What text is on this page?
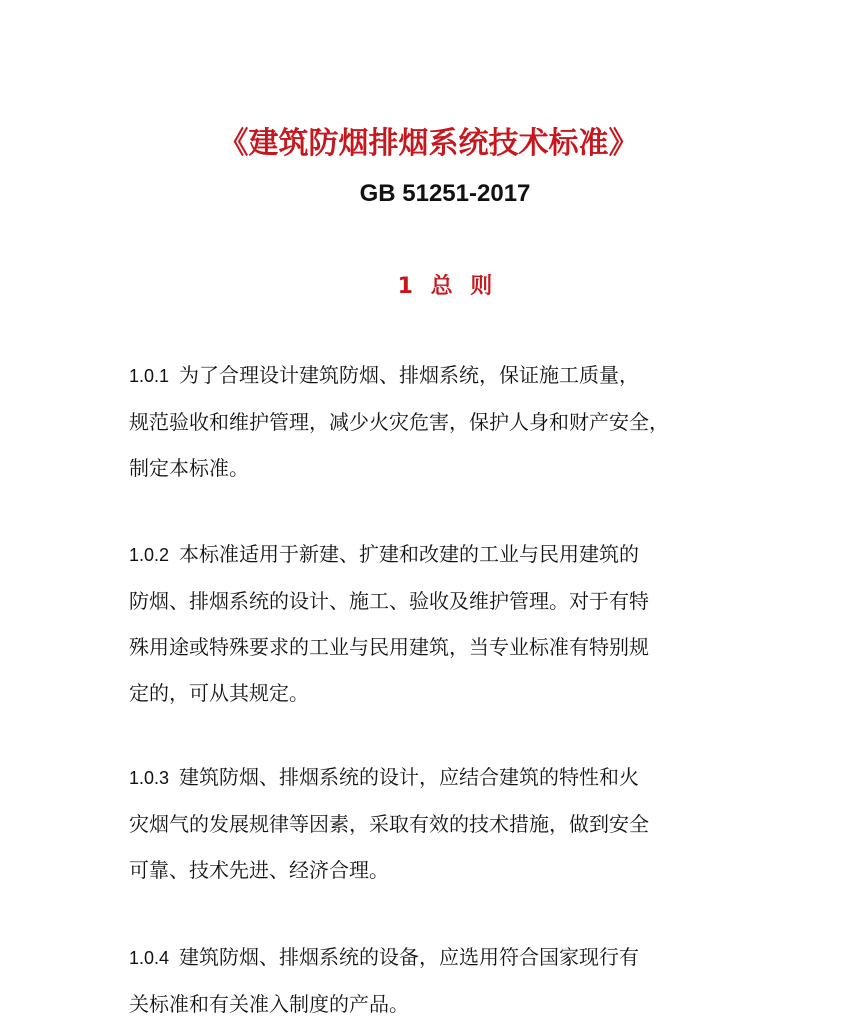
《建筑防烟排烟系统技术标准》
GB 51251-2017
1 总 则
1.0.1 为了合理设计建筑防烟、排烟系统，保证施工质量，
规范验收和维护管理，减少火灾危害，保护人身和财产安全，
制定本标准。
1.0.2 本标准适用于新建、扩建和改建的工业与民用建筑的
防烟、排烟系统的设计、施工、验收及维护管理。对于有特
殊用途或特殊要求的工业与民用建筑，当专业标准有特别规
定的，可从其规定。
1.0.3 建筑防烟、排烟系统的设计，应结合建筑的特性和火
灾烟气的发展规律等因素，采取有效的技术措施，做到安全
可靠、技术先进、经济合理。
1.0.4 建筑防烟、排烟系统的设备，应选用符合国家现行有
关标准和有关准入制度的产品。
